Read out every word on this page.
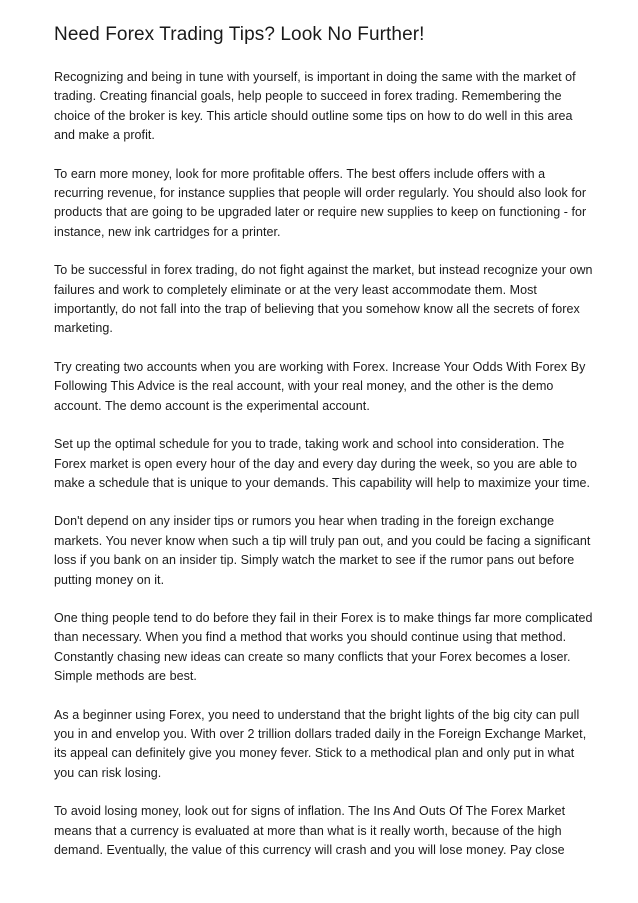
Need Forex Trading Tips? Look No Further!

Recognizing and being in tune with yourself, is important in doing the same with the market of trading. Creating financial goals, help people to succeed in forex trading. Remembering the choice of the broker is key. This article should outline some tips on how to do well in this area and make a profit.

To earn more money, look for more profitable offers. The best offers include offers with a recurring revenue, for instance supplies that people will order regularly. You should also look for products that are going to be upgraded later or require new supplies to keep on functioning - for instance, new ink cartridges for a printer.

To be successful in forex trading, do not fight against the market, but instead recognize your own failures and work to completely eliminate or at the very least accommodate them. Most importantly, do not fall into the trap of believing that you somehow know all the secrets of forex marketing.

Try creating two accounts when you are working with Forex. Increase Your Odds With Forex By Following This Advice is the real account, with your real money, and the other is the demo account. The demo account is the experimental account.

Set up the optimal schedule for you to trade, taking work and school into consideration. The Forex market is open every hour of the day and every day during the week, so you are able to make a schedule that is unique to your demands. This capability will help to maximize your time.

Don't depend on any insider tips or rumors you hear when trading in the foreign exchange markets. You never know when such a tip will truly pan out, and you could be facing a significant loss if you bank on an insider tip. Simply watch the market to see if the rumor pans out before putting money on it.

One thing people tend to do before they fail in their Forex is to make things far more complicated than necessary. When you find a method that works you should continue using that method. Constantly chasing new ideas can create so many conflicts that your Forex becomes a loser. Simple methods are best.

As a beginner using Forex, you need to understand that the bright lights of the big city can pull you in and envelop you. With over 2 trillion dollars traded daily in the Foreign Exchange Market, its appeal can definitely give you money fever. Stick to a methodical plan and only put in what you can risk losing.

To avoid losing money, look out for signs of inflation. The Ins And Outs Of The Forex Market means that a currency is evaluated at more than what is it really worth, because of the high demand. Eventually, the value of this currency will crash and you will lose money. Pay close
